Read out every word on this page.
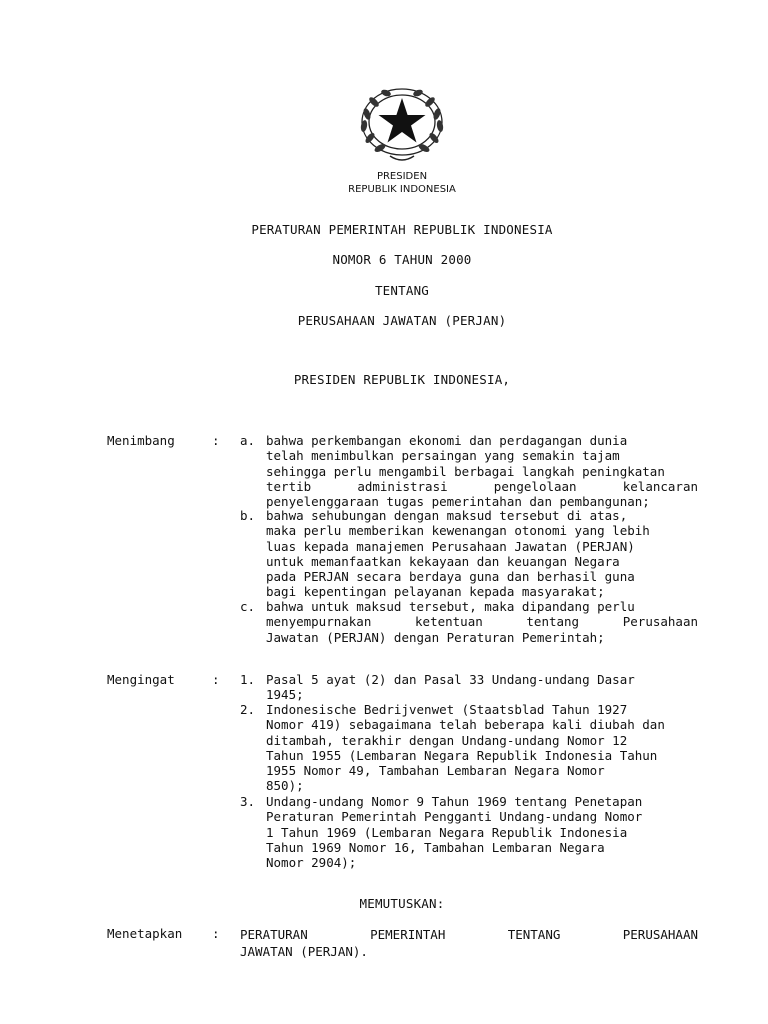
PRESIDEN
REPUBLIK INDONESIA
PERATURAN PEMERINTAH REPUBLIK INDONESIA
NOMOR 6 TAHUN 2000
TENTANG
PERUSAHAAN JAWATAN (PERJAN)
PRESIDEN REPUBLIK INDONESIA,
Menimbang	: a. bahwa perkembangan ekonomi dan perdagangan dunia
telah menimbulkan persaingan yang semakin tajam
sehingga perlu mengambil berbagai langkah peningkatan
tertib administrasi pengelolaan kelancaran
penyelenggaraan tugas pemerintahan dan pembangunan;
b. bahwa sehubungan dengan maksud tersebut di atas,
maka perlu memberikan kewenangan otonomi yang lebih
luas kepada manajemen Perusahaan Jawatan (PERJAN)
untuk memanfaatkan kekayaan dan keuangan Negara
pada PERJAN secara berdaya guna dan berhasil guna
bagi kepentingan pelayanan kepada masyarakat;
c. bahwa untuk maksud tersebut, maka dipandang perlu
menyempurnakan ketentuan tentang Perusahaan
Jawatan (PERJAN) dengan Peraturan Pemerintah;
Mengingat	: 1. Pasal 5 ayat (2) dan Pasal 33 Undang-undang Dasar
1945;
2. Indonesische Bedrijvenwet (Staatsblad Tahun 1927
Nomor 419) sebagaimana telah beberapa kali diubah dan
ditambah, terakhir dengan Undang-undang Nomor 12
Tahun 1955 (Lembaran Negara Republik Indonesia Tahun
1955 Nomor 49, Tambahan Lembaran Negara Nomor
850);
3. Undang-undang Nomor 9 Tahun 1969 tentang Penetapan
Peraturan Pemerintah Pengganti Undang-undang Nomor
1 Tahun 1969 (Lembaran Negara Republik Indonesia
Tahun 1969 Nomor 16, Tambahan Lembaran Negara
Nomor 2904);
MEMUTUSKAN:
Menetapkan : PERATURAN PEMERINTAH TENTANG PERUSAHAAN
JAWATAN (PERJAN).
